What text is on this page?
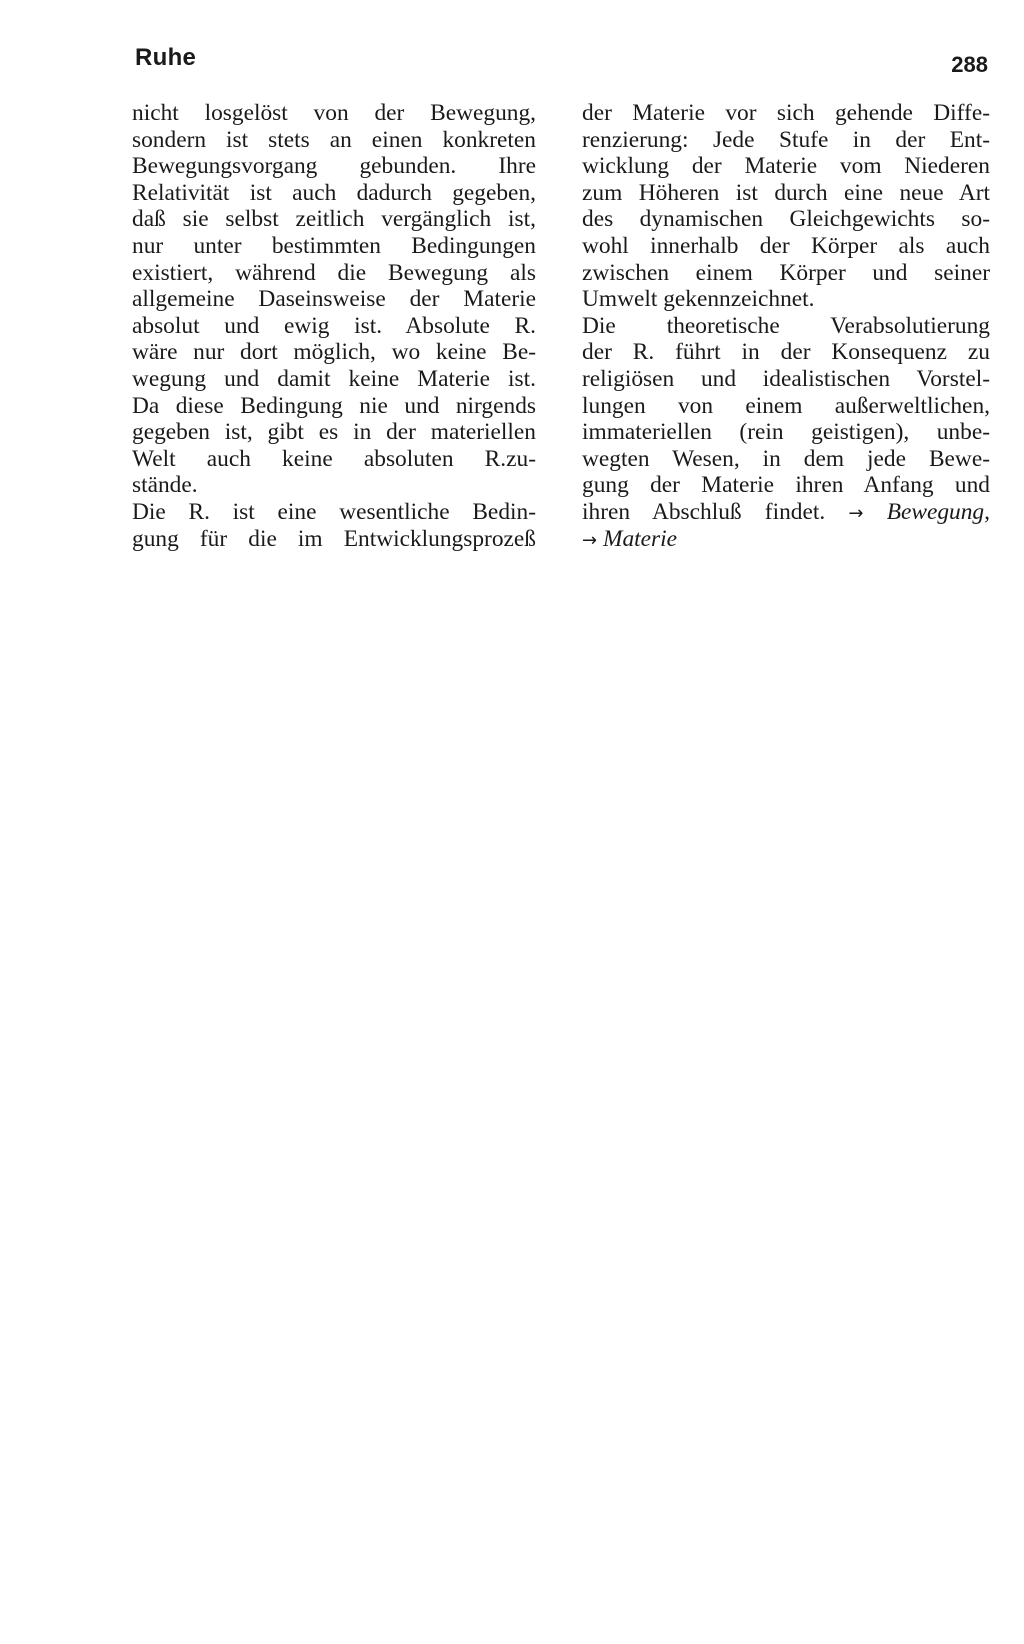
Ruhe	288
nicht losgelöst von der Bewegung,
sondern ist stets an einen konkreten
Bewegungsvorgang gebunden. Ihre
Relativität ist auch dadurch gegeben,
daß sie selbst zeitlich vergänglich ist,
nur unter bestimmten Bedingungen
existiert, während die Bewegung als
allgemeine Daseinsweise der Materie
absolut und ewig ist. Absolute R.
wäre nur dort möglich, wo keine Be-
wegung und damit keine Materie ist.
Da diese Bedingung nie und nirgends
gegeben ist, gibt es in der materiellen
Welt auch keine absoluten R.zu-
stände.
Die R. ist eine wesentliche Bedin-
gung für die im Entwicklungsprozeß
der Materie vor sich gehende Diffe-
renzierung: Jede Stufe in der Ent-
wicklung der Materie vom Niederen
zum Höheren ist durch eine neue Art
des dynamischen Gleichgewichts so-
wohl innerhalb der Körper als auch
zwischen einem Körper und seiner
Umwelt gekennzeichnet.
Die theoretische Verabsolutierung
der R. führt in der Konsequenz zu
religiösen und idealistischen Vorstel-
lungen von einem außerweltlichen,
immateriellen (rein geistigen), unbe-
wegten Wesen, in dem jede Bewe-
gung der Materie ihren Anfang und
ihren Abschluß findet. → Bewegung,
→ Materie
